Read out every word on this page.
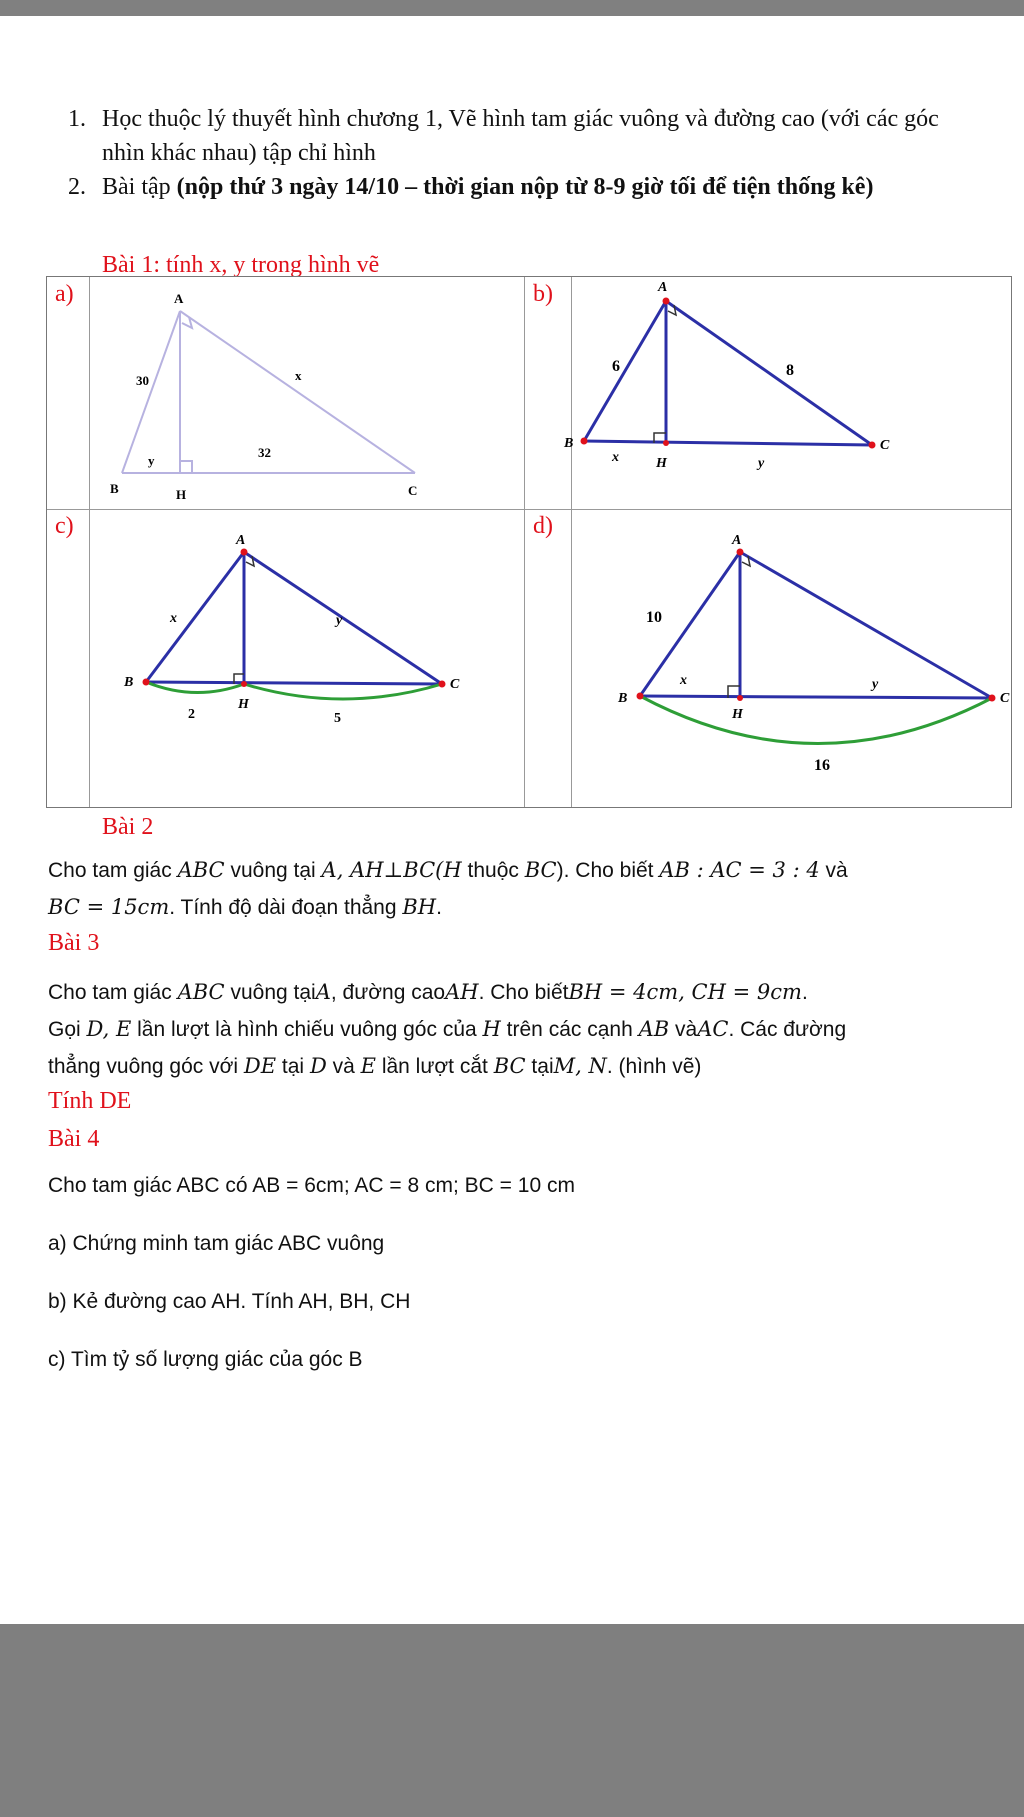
1. Học thuộc lý thuyết hình chương 1, Vẽ hình tam giác vuông và đường cao (với các góc nhìn khác nhau) tập chỉ hình
2. Bài tập (nộp thứ 3 ngày 14/10 – thời gian nộp từ 8-9 giờ tối để tiện thống kê)
Bài 1: tính x, y trong hình vẽ
a)	b)
c)	d)
A
B	C
H
30	x
y
32
A
B	C
H
6	8
x	y
A
B	C
H
x	y
2	5
A
B	C
H
10
x	y
16
Bài 2
Cho tam giác ABC vuông tại A, AH⊥BC(H thuộc BC). Cho biết AB : AC = 3 : 4 và
BC = 15cm. Tính độ dài đoạn thẳng BH.
Bài 3
Cho tam giác ABC vuông tạiA, đường caoAH. Cho biếtBH = 4cm, CH = 9cm.
Gọi D, E lần lượt là hình chiếu vuông góc của H trên các cạnh AB vàAC. Các đường
thẳng vuông góc với DE tại D và E lần lượt cắt BC tạiM, N. (hình vẽ)
Tính DE
Bài 4
Cho tam giác ABC có AB = 6cm; AC = 8 cm; BC = 10 cm
a) Chứng minh tam giác ABC vuông
b) Kẻ đường cao AH. Tính AH, BH, CH
c) Tìm tỷ số lượng giác của góc B
